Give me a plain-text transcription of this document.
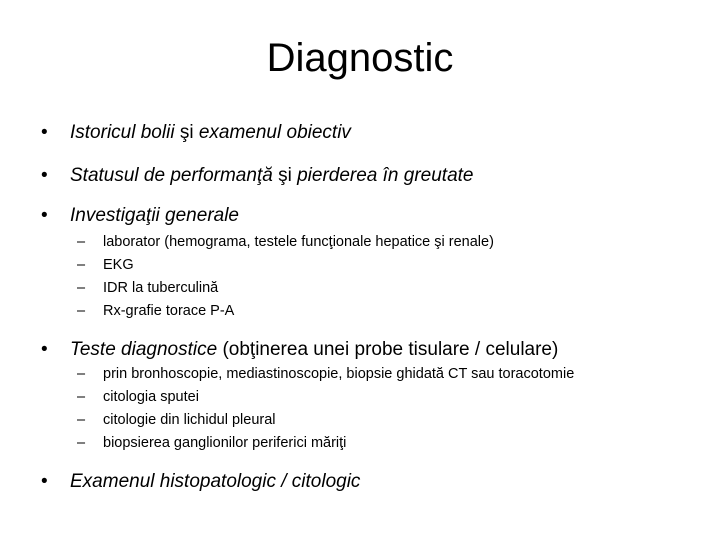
Diagnostic
• Istoricul bolii şi examenul obiectiv
• Statusul de performanţă şi pierderea în greutate
• Investigaţii generale
– laborator (hemograma, testele funcţionale hepatice şi renale)
– EKG
– IDR la tuberculină
– Rx-grafie torace P-A
• Teste diagnostice (obţinerea unei probe tisulare / celulare)
– prin bronhoscopie, mediastinoscopie, biopsie ghidată CT sau toracotomie
– citologia sputei
– citologie din lichidul pleural
– biopsierea ganglionilor periferici măriţi
• Examenul histopatologic / citologic
